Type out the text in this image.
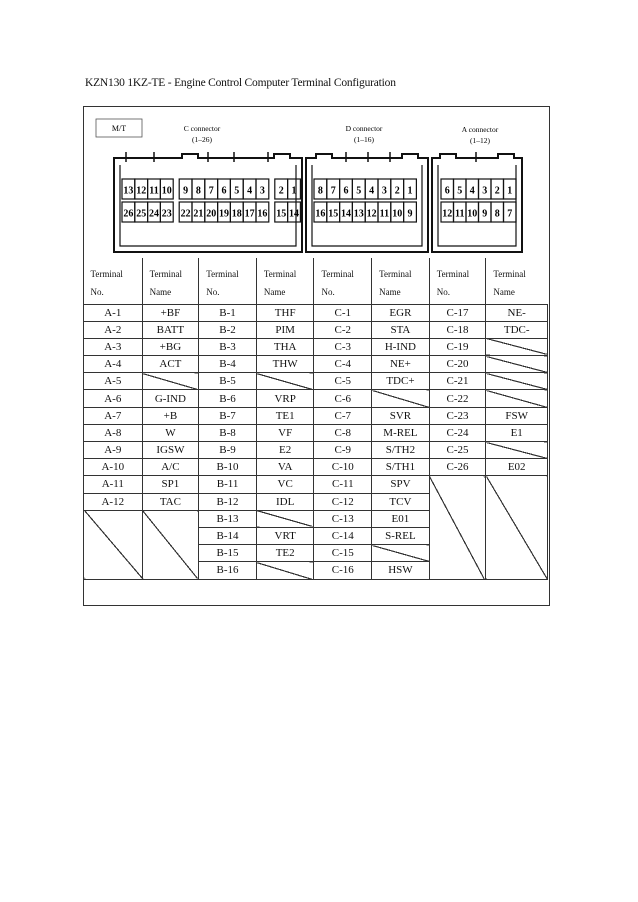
KZN130 1KZ-TE - Engine Control Computer Terminal Configuration
M/T	C connector
(1–26)
D connector
(1–16)
A connector
(1–12)
13 12 11 10 9 8 7 6 5 4 3 2 1
26 25 24 23 22 21 20 19 18 17 16 15 14
8 7 6 5 4 3 2 1
16 15 14 13 12 11 10 9
6 5 4 3 2 1
12 11 10 9 8 7
Terminal	Terminal	Terminal	Terminal	Terminal	Terminal	Terminal	Terminal
No.	Name	No.	Name	No.	Name	No.	Name
A-1	+BF	B-1	THF	C-1	EGR	C-17	NE-
A-2	BATT	B-2	PIM	C-2	STA	C-18	TDC-
A-3	+BG	B-3	THA	C-3	H-IND	C-19	
A-4	ACT	B-4	THW	C-4	NE+	C-20	
A-5		B-5		C-5	TDC+	C-21	
A-6	G-IND	B-6	VRP	C-6		C-22	
A-7	+B	B-7	TE1	C-7	SVR	C-23	FSW
A-8	W	B-8	VF	C-8	M-REL	C-24	E1
A-9	IGSW	B-9	E2	C-9	S/TH2	C-25	
A-10	A/C	B-10	VA	C-10	S/TH1	C-26	E02
A-11	SP1	B-11	VC	C-11	SPV		
A-12	TAC	B-12	IDL	C-12	TCV		
		B-13		C-13	E01		
		B-14	VRT	C-14	S-REL		
		B-15	TE2	C-15			
		B-16		C-16	HSW		
